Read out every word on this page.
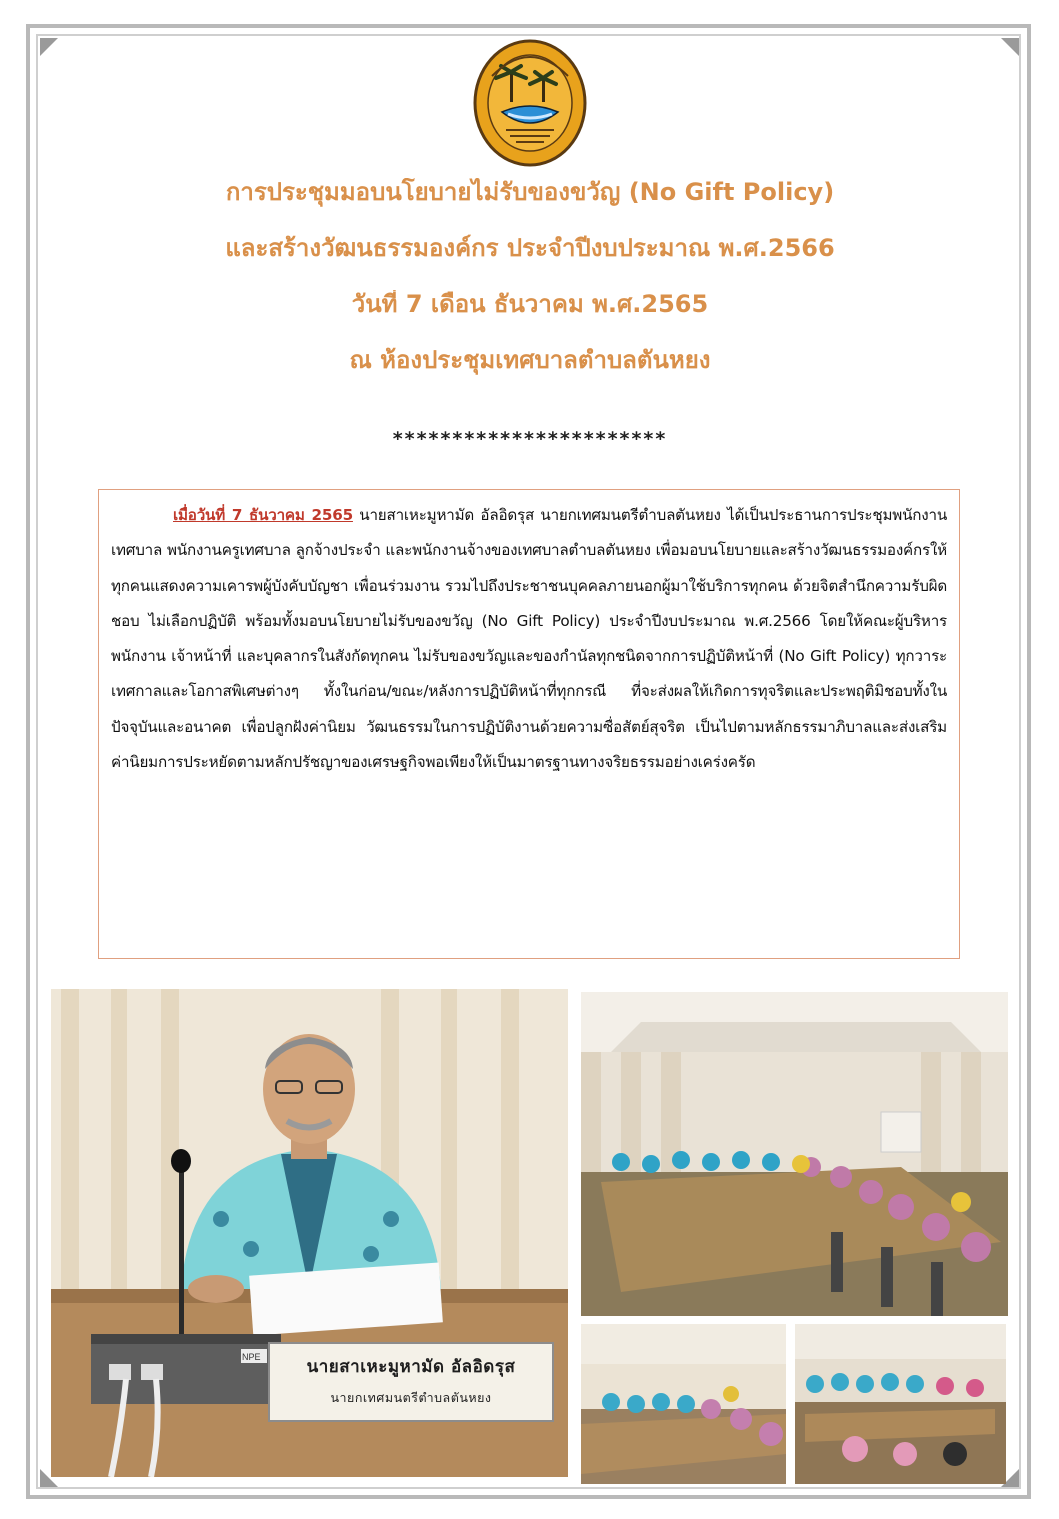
การประชุมมอบนโยบายไม่รับของขวัญ (No Gift Policy)
และสร้างวัฒนธรรมองค์กร ประจำปีงบประมาณ พ.ศ.2566
วันที่ 7 เดือน ธันวาคม พ.ศ.2565
ณ ห้องประชุมเทศบาลตำบลตันหยง
***********************

เมื่อวันที่ 7 ธันวาคม 2565 นายสาเหะมูหามัด อัลอิดรุส นายกเทศมนตรีตำบลตันหยง ได้เป็นประธานการประชุมพนักงานเทศบาล พนักงานครูเทศบาล ลูกจ้างประจำ และพนักงานจ้างของเทศบาลตำบลตันหยง เพื่อมอบนโยบายและสร้างวัฒนธรรมองค์กรให้ทุกคนแสดงความเคารพผู้บังคับบัญชา เพื่อนร่วมงาน รวมไปถึงประชาชนบุคคลภายนอกผู้มาใช้บริการทุกคน ด้วยจิตสำนึกความรับผิดชอบ ไม่เลือกปฏิบัติ พร้อมทั้งมอบนโยบายไม่รับของขวัญ (No Gift Policy) ประจำปีงบประมาณ พ.ศ.2566 โดยให้คณะผู้บริหาร พนักงาน เจ้าหน้าที่ และบุคลากรในสังกัดทุกคน ไม่รับของขวัญและของกำนัลทุกชนิดจากการปฏิบัติหน้าที่ (No Gift Policy) ทุกวาระเทศกาลและโอกาสพิเศษต่างๆ ทั้งในก่อน/ขณะ/หลังการปฏิบัติหน้าที่ทุกกรณี ที่จะส่งผลให้เกิดการทุจริตและประพฤติมิชอบทั้งในปัจจุบันและอนาคต เพื่อปลูกฝังค่านิยม วัฒนธรรมในการปฏิบัติงานด้วยความซื่อสัตย์สุจริต เป็นไปตามหลักธรรมาภิบาลและส่งเสริมค่านิยมการประหยัดตามหลักปรัชญาของเศรษฐกิจพอเพียงให้เป็นมาตรฐานทางจริยธรรมอย่างเคร่งครัด

NPE	นายสาเหะมูหามัด อัลอิดรุส
นายกเทศมนตรีตำบลตันหยง
